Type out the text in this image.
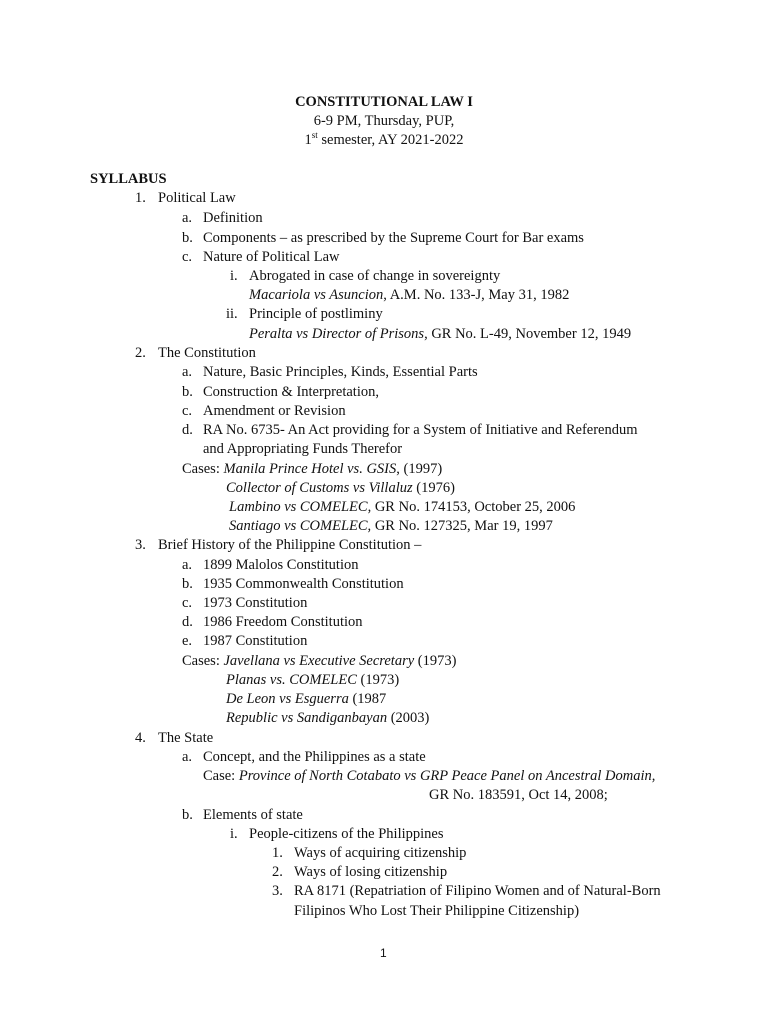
CONSTITUTIONAL LAW I
6-9 PM, Thursday, PUP,
1st semester, AY 2021-2022
SYLLABUS
1. Political Law
a. Definition
b. Components – as prescribed by the Supreme Court for Bar exams
c. Nature of Political Law
i. Abrogated in case of change in sovereignty
Macariola vs Asuncion, A.M. No. 133-J, May 31, 1982
ii. Principle of postliminy
Peralta vs Director of Prisons, GR No. L-49, November 12, 1949
2. The Constitution
a. Nature, Basic Principles, Kinds, Essential Parts
b. Construction & Interpretation,
c. Amendment or Revision
d. RA No. 6735- An Act providing for a System of Initiative and Referendum
and Appropriating Funds Therefor
Cases: Manila Prince Hotel vs. GSIS, (1997)
Collector of Customs vs Villaluz (1976)
Lambino vs COMELEC, GR No. 174153, October 25, 2006
Santiago vs COMELEC, GR No. 127325, Mar 19, 1997
3. Brief History of the Philippine Constitution –
a. 1899 Malolos Constitution
b. 1935 Commonwealth Constitution
c. 1973 Constitution
d. 1986 Freedom Constitution
e. 1987 Constitution
Cases: Javellana vs Executive Secretary (1973)
Planas vs. COMELEC (1973)
De Leon vs Esguerra (1987
Republic vs Sandiganbayan (2003)
4. The State
a. Concept, and the Philippines as a state
Case: Province of North Cotabato vs GRP Peace Panel on Ancestral Domain,
GR No. 183591, Oct 14, 2008;
b. Elements of state
i. People-citizens of the Philippines
1. Ways of acquiring citizenship
2. Ways of losing citizenship
3. RA 8171 (Repatriation of Filipino Women and of Natural-Born
Filipinos Who Lost Their Philippine Citizenship)
1
